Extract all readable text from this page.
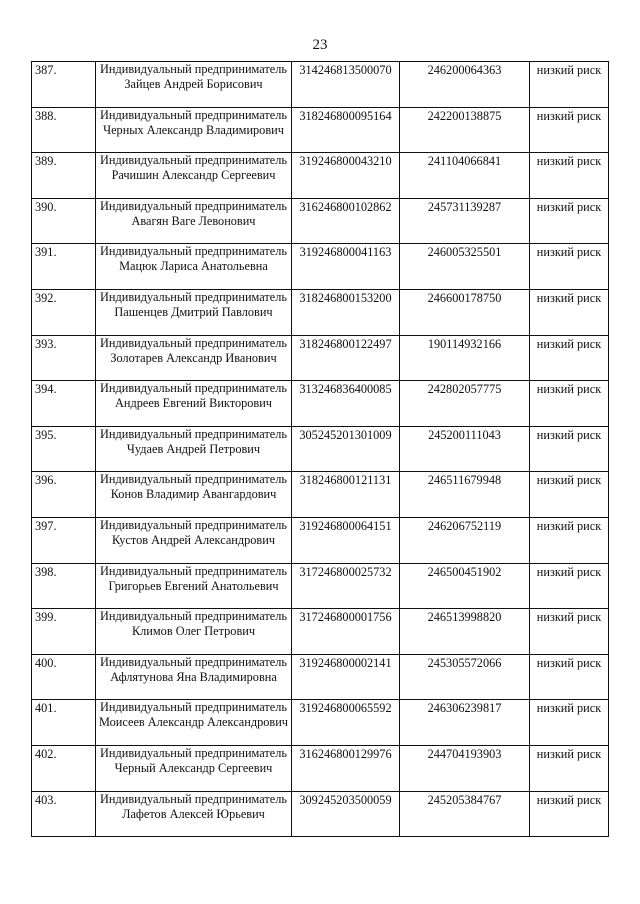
23
387.	Индивидуальный предприниматель Зайцев Андрей Борисович	314246813500070	246200064363	низкий риск
388.	Индивидуальный предприниматель Черных Александр Владимирович	318246800095164	242200138875	низкий риск
389.	Индивидуальный предприниматель Рачишин Александр Сергеевич	319246800043210	241104066841	низкий риск
390.	Индивидуальный предприниматель Авагян Ваге Левонович	316246800102862	245731139287	низкий риск
391.	Индивидуальный предприниматель Мацюк Лариса Анатольевна	319246800041163	246005325501	низкий риск
392.	Индивидуальный предприниматель Пашенцев Дмитрий Павлович	318246800153200	246600178750	низкий риск
393.	Индивидуальный предприниматель Золотарев Александр Иванович	318246800122497	190114932166	низкий риск
394.	Индивидуальный предприниматель Андреев Евгений Викторович	313246836400085	242802057775	низкий риск
395.	Индивидуальный предприниматель Чудаев Андрей Петрович	305245201301009	245200111043	низкий риск
396.	Индивидуальный предприниматель Конов Владимир Авангардович	318246800121131	246511679948	низкий риск
397.	Индивидуальный предприниматель Кустов Андрей Александрович	319246800064151	246206752119	низкий риск
398.	Индивидуальный предприниматель Григорьев Евгений Анатольевич	317246800025732	246500451902	низкий риск
399.	Индивидуальный предприниматель Климов Олег Петрович	317246800001756	246513998820	низкий риск
400.	Индивидуальный предприниматель Афлятунова Яна Владимировна	319246800002141	245305572066	низкий риск
401.	Индивидуальный предприниматель Моисеев Александр Александрович	319246800065592	246306239817	низкий риск
402.	Индивидуальный предприниматель Черный Александр Сергеевич	316246800129976	244704193903	низкий риск
403.	Индивидуальный предприниматель Лафетов Алексей Юрьевич	309245203500059	245205384767	низкий риск
